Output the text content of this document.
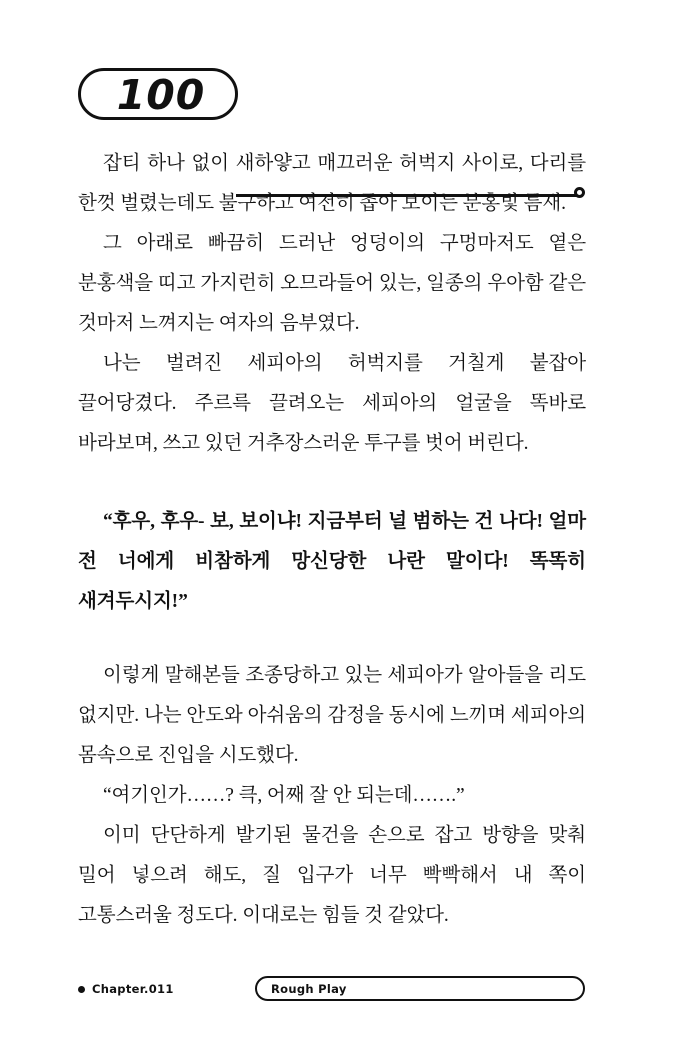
100

잡티 하나 없이 새하얗고 매끄러운 허벅지 사이로, 다리를 한껏 벌렸는데도 불구하고 여전히 좁아 보이는 분홍빛 틈새.

그 아래로 빠끔히 드러난 엉덩이의 구멍마저도 옅은 분홍색을 띠고 가지런히 오므라들어 있는, 일종의 우아함 같은 것마저 느껴지는 여자의 음부였다.

나는 벌려진 세피아의 허벅지를 거칠게 붙잡아 끌어당겼다. 주르륵 끌려오는 세피아의 얼굴을 똑바로 바라보며, 쓰고 있던 거추장스러운 투구를 벗어 버린다.

“후우, 후우- 보, 보이냐! 지금부터 널 범하는 건 나다! 얼마 전 너에게 비참하게 망신당한 나란 말이다! 똑똑히 새겨두시지!”

이렇게 말해본들 조종당하고 있는 세피아가 알아들을 리도 없지만. 나는 안도와 아쉬움의 감정을 동시에 느끼며 세피아의 몸속으로 진입을 시도했다.

“여기인가……? 큭, 어째 잘 안 되는데…….”

이미 단단하게 발기된 물건을 손으로 잡고 방향을 맞춰 밀어 넣으려 해도, 질 입구가 너무 빡빡해서 내 쪽이 고통스러울 정도다. 이대로는 힘들 것 같았다.

Chapter.011	Rough Play
